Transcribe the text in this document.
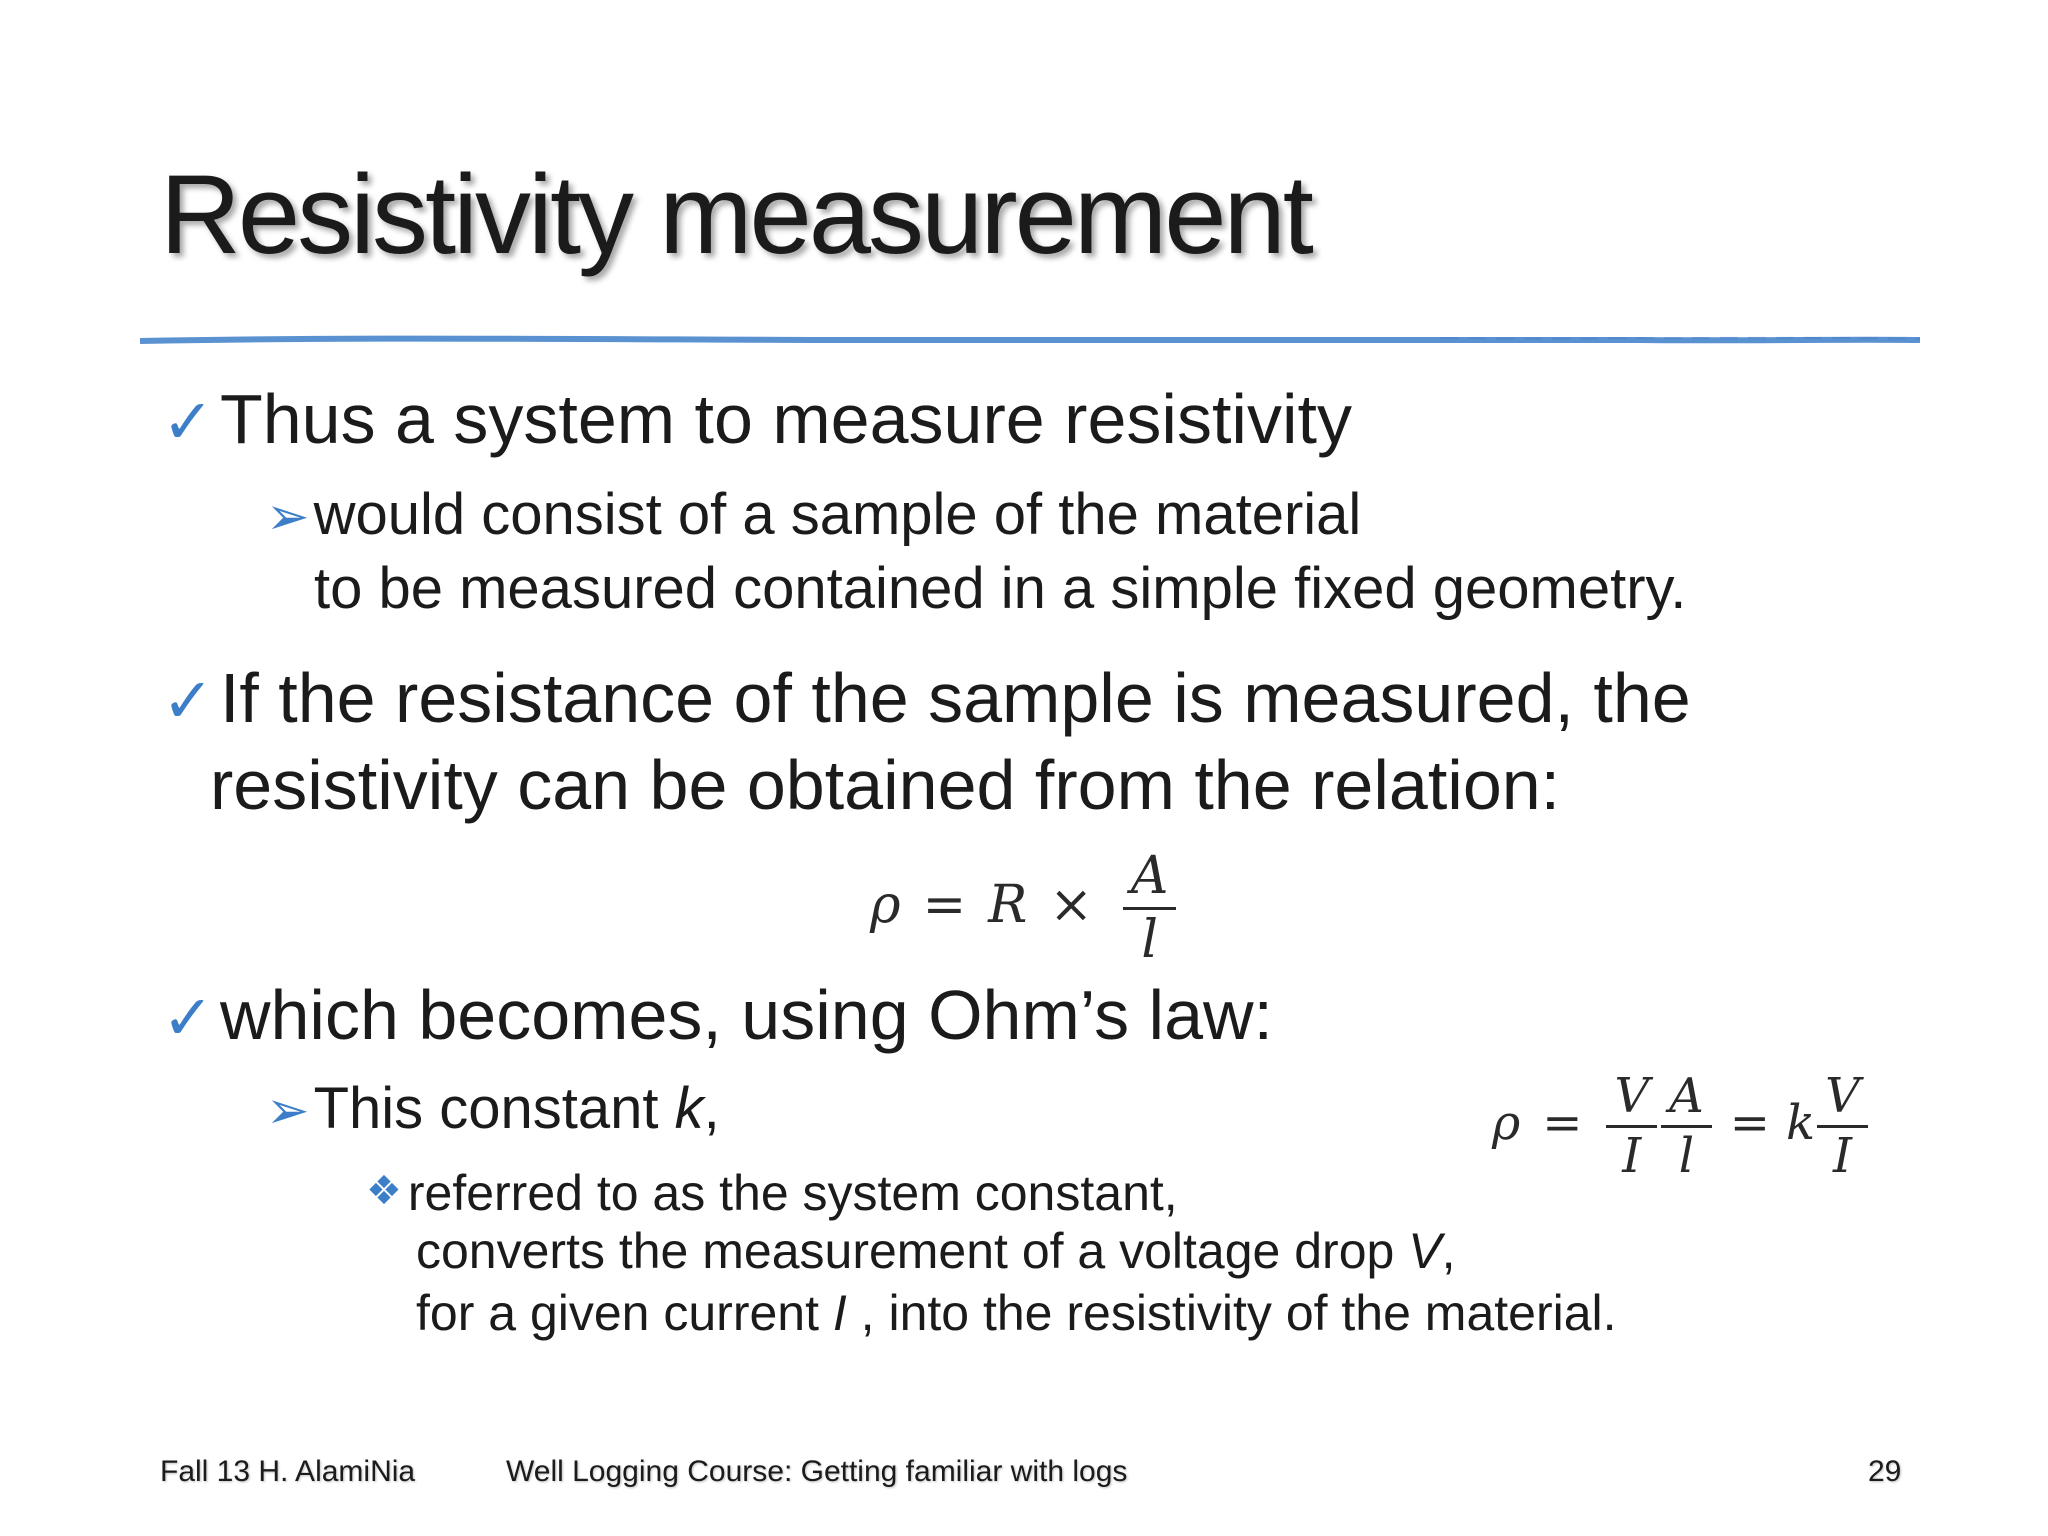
Resistivity measurement
✓Thus a system to measure resistivity
➢would consist of a sample of the material
to be measured contained in a simple fixed geometry.
✓If the resistance of the sample is measured, the
resistivity can be obtained from the relation:
$\rho = R \times \frac{A}{l}$
✓which becomes, using Ohm’s law:
➢This constant k,
❖ referred to as the system constant,
converts the measurement of a voltage drop V,
for a given current I , into the resistivity of the material.
$\rho = \frac{V}{I} \frac{A}{l} = k \frac{V}{I}$
Fall 13 H. AlamiNia	Well Logging Course: Getting familiar with logs	29
